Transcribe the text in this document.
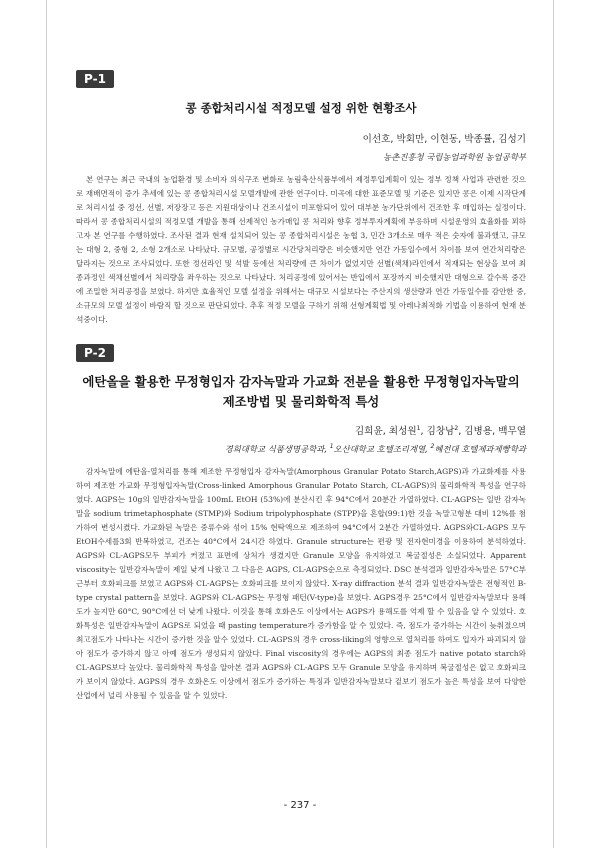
P-1
콩 종합처리시설 적정모델 설정 위한 현황조사
이선호, 박회만, 이현동, 박종률, 김성기
농촌진흥청 국립농업과학원 농업공학부

본 연구는 최근 국내의 농업환경 및 소비자 의식구조 변화로 농림축산식품부에서 제정투입계획이 있는 정부 정책 사업과 관련한 것으로 재배면적이 증가 추세에 있는 콩 종합처리시설 모델개발에 관한 연구이다. 미곡에 대한 표준모델 및 기준은 있지만 콩은 이제 시작단계로 처리시설 중 정선, 선별, 저장장고 등은 지원대상이나 건조시설이 미포함되어 있어 대부분 농가단위에서 건조한 후 매입하는 실정이다. 따라서 콩 종합처리시설의 적정모델 개발을 통해 선제적인 농가매입 콩 처리와 향후 정부투자계획에 부응하며 시설운영의 효율화를 꾀하고자 본 연구를 수행하였다. 조사된 결과 현재 설치되어 있는 콩 종합처리시설은 농협 3, 민간 3개소로 매우 적은 숫자에 불과했고, 규모는 대형 2, 중형 2, 소형 2개소로 나타났다. 규모별, 공정별로 시간당처리량은 비슷했지만 연간 가동일수에서 차이를 보여 연간처리량은 달라지는 것으로 조사되었다. 또한 정선라인 및 석발 등에선 처리량에 큰 차이가 없었지만 선별(색채)라인에서 적재되는 현상을 보여 최종과정인 색채선별에서 처리량을 좌우하는 것으로 나타났다. 처리공정에 있어서는 반입에서 포장까지 비슷했지만 대형으로 갈수록 중간에 조밀한 처리공정을 보였다. 하지만 효율적인 모델 설정을 위해서는 대규모 시설보다는 주산지의 생산량과 연간 가동일수를 감안한 중, 소규모의 모델 설정이 바람직 할 것으로 판단되었다. 추후 적정 모델을 구하기 위해 선형계획법 및 아레나최적화 기법을 이용하여 현재 분석중이다.

P-2
에탄올을 활용한 무정형입자 감자녹말과 가교화 전분을 활용한 무정형입자녹말의
제조방법 및 물리화학적 특성
김희윤, 최성원$^1$, 김창남$^2$, 김병용, 백무열
경희대학교 식품생명공학과, $^1$오산대학교 호텔조리계열, $^2$혜전대 호텔제과제빵학과

감자녹말에 에탄올-열처리를 통해 제조한 무정형입자 감자녹말(Amorphous Granular Potato Starch,AGPS)과 가교화제를 사용하여 제조한 가교화 무정형입자녹말(Cross-linked Amorphous Granular Potato Starch, CL-AGPS)의 물리화학적 특성을 연구하였다. AGPS는 10g의 일반감자녹말을 100mL EtOH (53%)에 분산시킨 후 94°C에서 20분간 가열하였다. CL-AGPS는 일반 감자녹말을 sodium trimetaphosphate (STMP)와 Sodium tripolyphosphate (STPP)을 혼합(99:1)한 것을 녹말고형분 대비 12%를 첨가하여 변성시켰다. 가교화된 녹말은 중류수와 섞어 15% 현탁액으로 제조하여 94°C에서 2분간 가열하였다. AGPS와CL-AGPS 모두 EtOH수세를3회 반복하였고, 건조는 40°C에서 24시간 하였다. Granule structure는 편광 및 전자현미경을 이용하여 분석하였다. AGPS와 CL-AGPS모두 부피가 커졌고 표면에 상처가 생겼지만 Granule 모양을 유지하였고 복굴절성은 소실되었다. Apparent viscosity는 일반감자녹말이 제일 낮게 나왔고 그 다음은 AGPS, CL-AGPS순으로 측정되었다. DSC 분석결과 일반감자녹말은 57°C부근부터 호화피크를 보였고 AGPS와 CL-AGPS는 호화피크를 보이지 않았다. X-ray diffraction 분석 결과 일반감자녹말은 전형적인 B-type crystal pattern을 보였다. AGPS와 CL-AGPS는 무정형 패턴(V-type)을 보였다. AGPS경우 25°C에서 일반감자녹말보다 용해도가 높지만 60°C, 90°C에선 더 낮게 나왔다. 이것을 통해 호화온도 이상에서는 AGPS가 용해도를 억제 할 수 있음을 알 수 있었다. 호화특성은 일반감자녹말이 AGPS로 되었을 때 pasting temperature가 증가함을 알 수 있었다. 즉, 점도가 증가하는 시간이 늦춰졌으며 최고점도가 나타나는 시간이 증가한 것을 알수 있었다. CL-AGPS의 경우 cross-liking의 영향으로 열처리를 하여도 입자가 파괴되지 않아 점도가 증가하지 않고 아예 점도가 생성되지 않았다. Final viscosity의 경우에는 AGPS의 최종 점도가 native potato starch와 CL-AGPS보다 높았다. 물리화학적 특성을 알아본 결과 AGPS와 CL-AGPS 모두 Granule 모양을 유지하며 복굴절성은 없고 호화피크가 보이지 않았다. AGPS의 경우 호화온도 이상에서 점도가 증가하는 특징과 일반감자녹말보다 겉보기 점도가 높은 특성을 보여 다양한 산업에서 널리 사용될 수 있음을 알 수 있었다.

- 237 -
